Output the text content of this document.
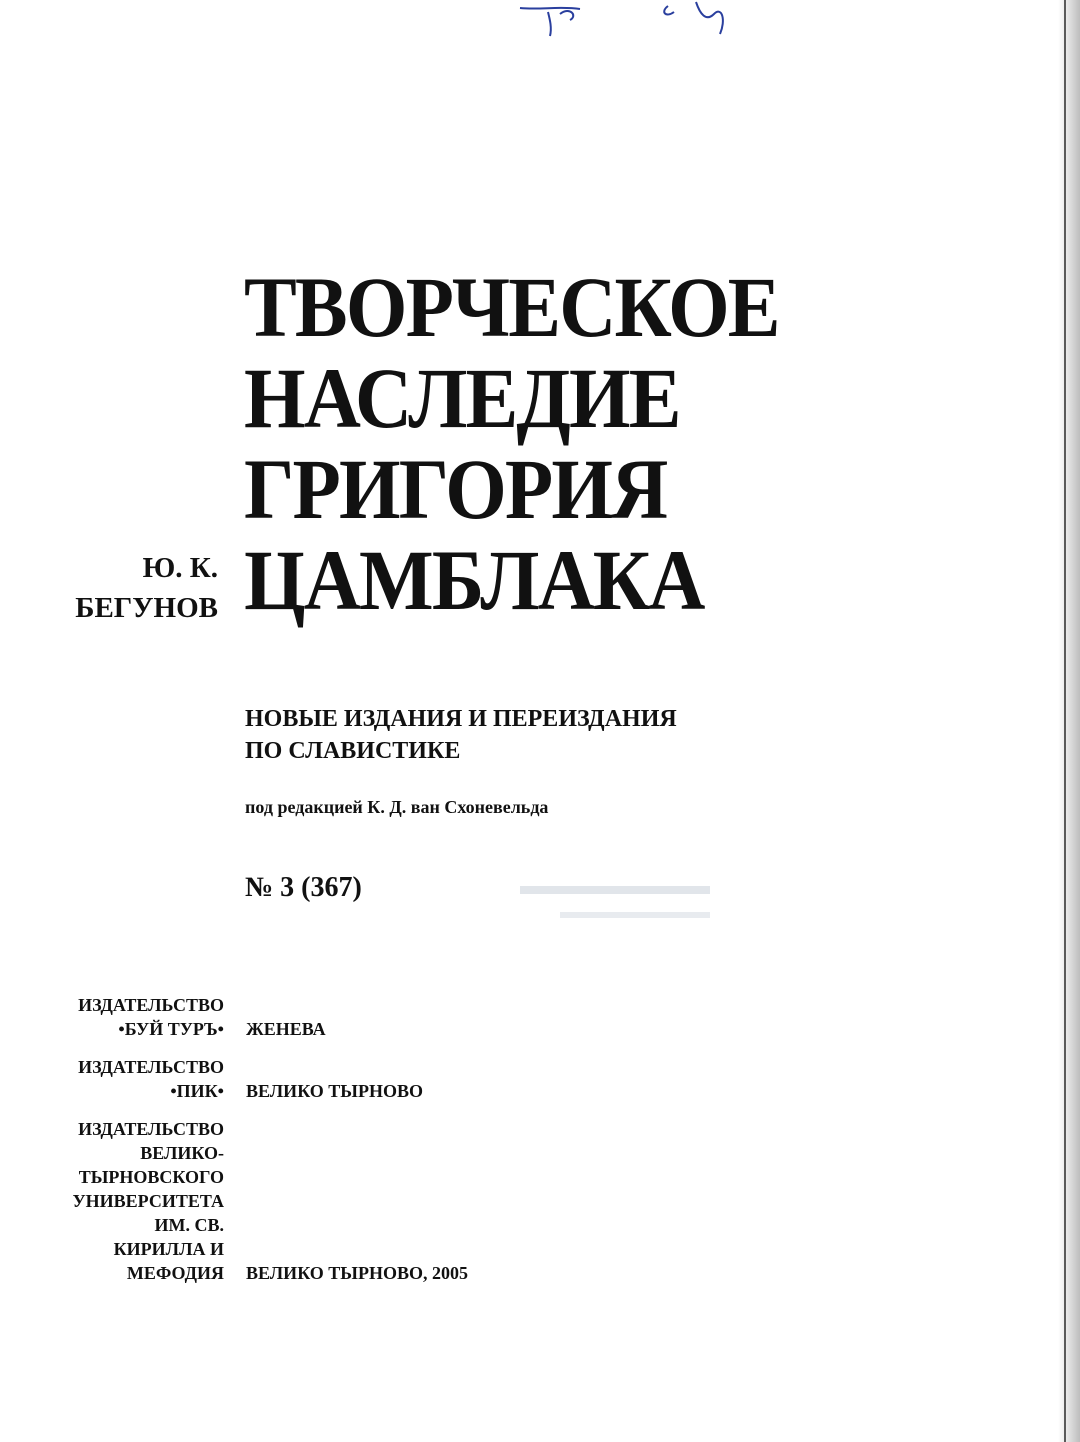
Ю. К.
БЕГУНОВ
ТВОРЧЕСКОЕ
НАСЛЕДИЕ
ГРИГОРИЯ
ЦАМБЛАКА
НОВЫЕ ИЗДАНИЯ И ПЕРЕИЗДАНИЯ
ПО СЛАВИСТИКЕ
под редакцией К. Д. ван Схоневельда
№ 3 (367)
ИЗДАТЕЛЬСТВО
•БУЙ ТУРЪ• ЖЕНЕВА
ИЗДАТЕЛЬСТВО
•ПИК• ВЕЛИКО ТЫРНОВО
ИЗДАТЕЛЬСТВО
ВЕЛИКО-
ТЫРНОВСКОГО
УНИВЕРСИТЕТА
ИМ. СВ.
КИРИЛЛА И
МЕФОДИЯ ВЕЛИКО ТЫРНОВО, 2005
